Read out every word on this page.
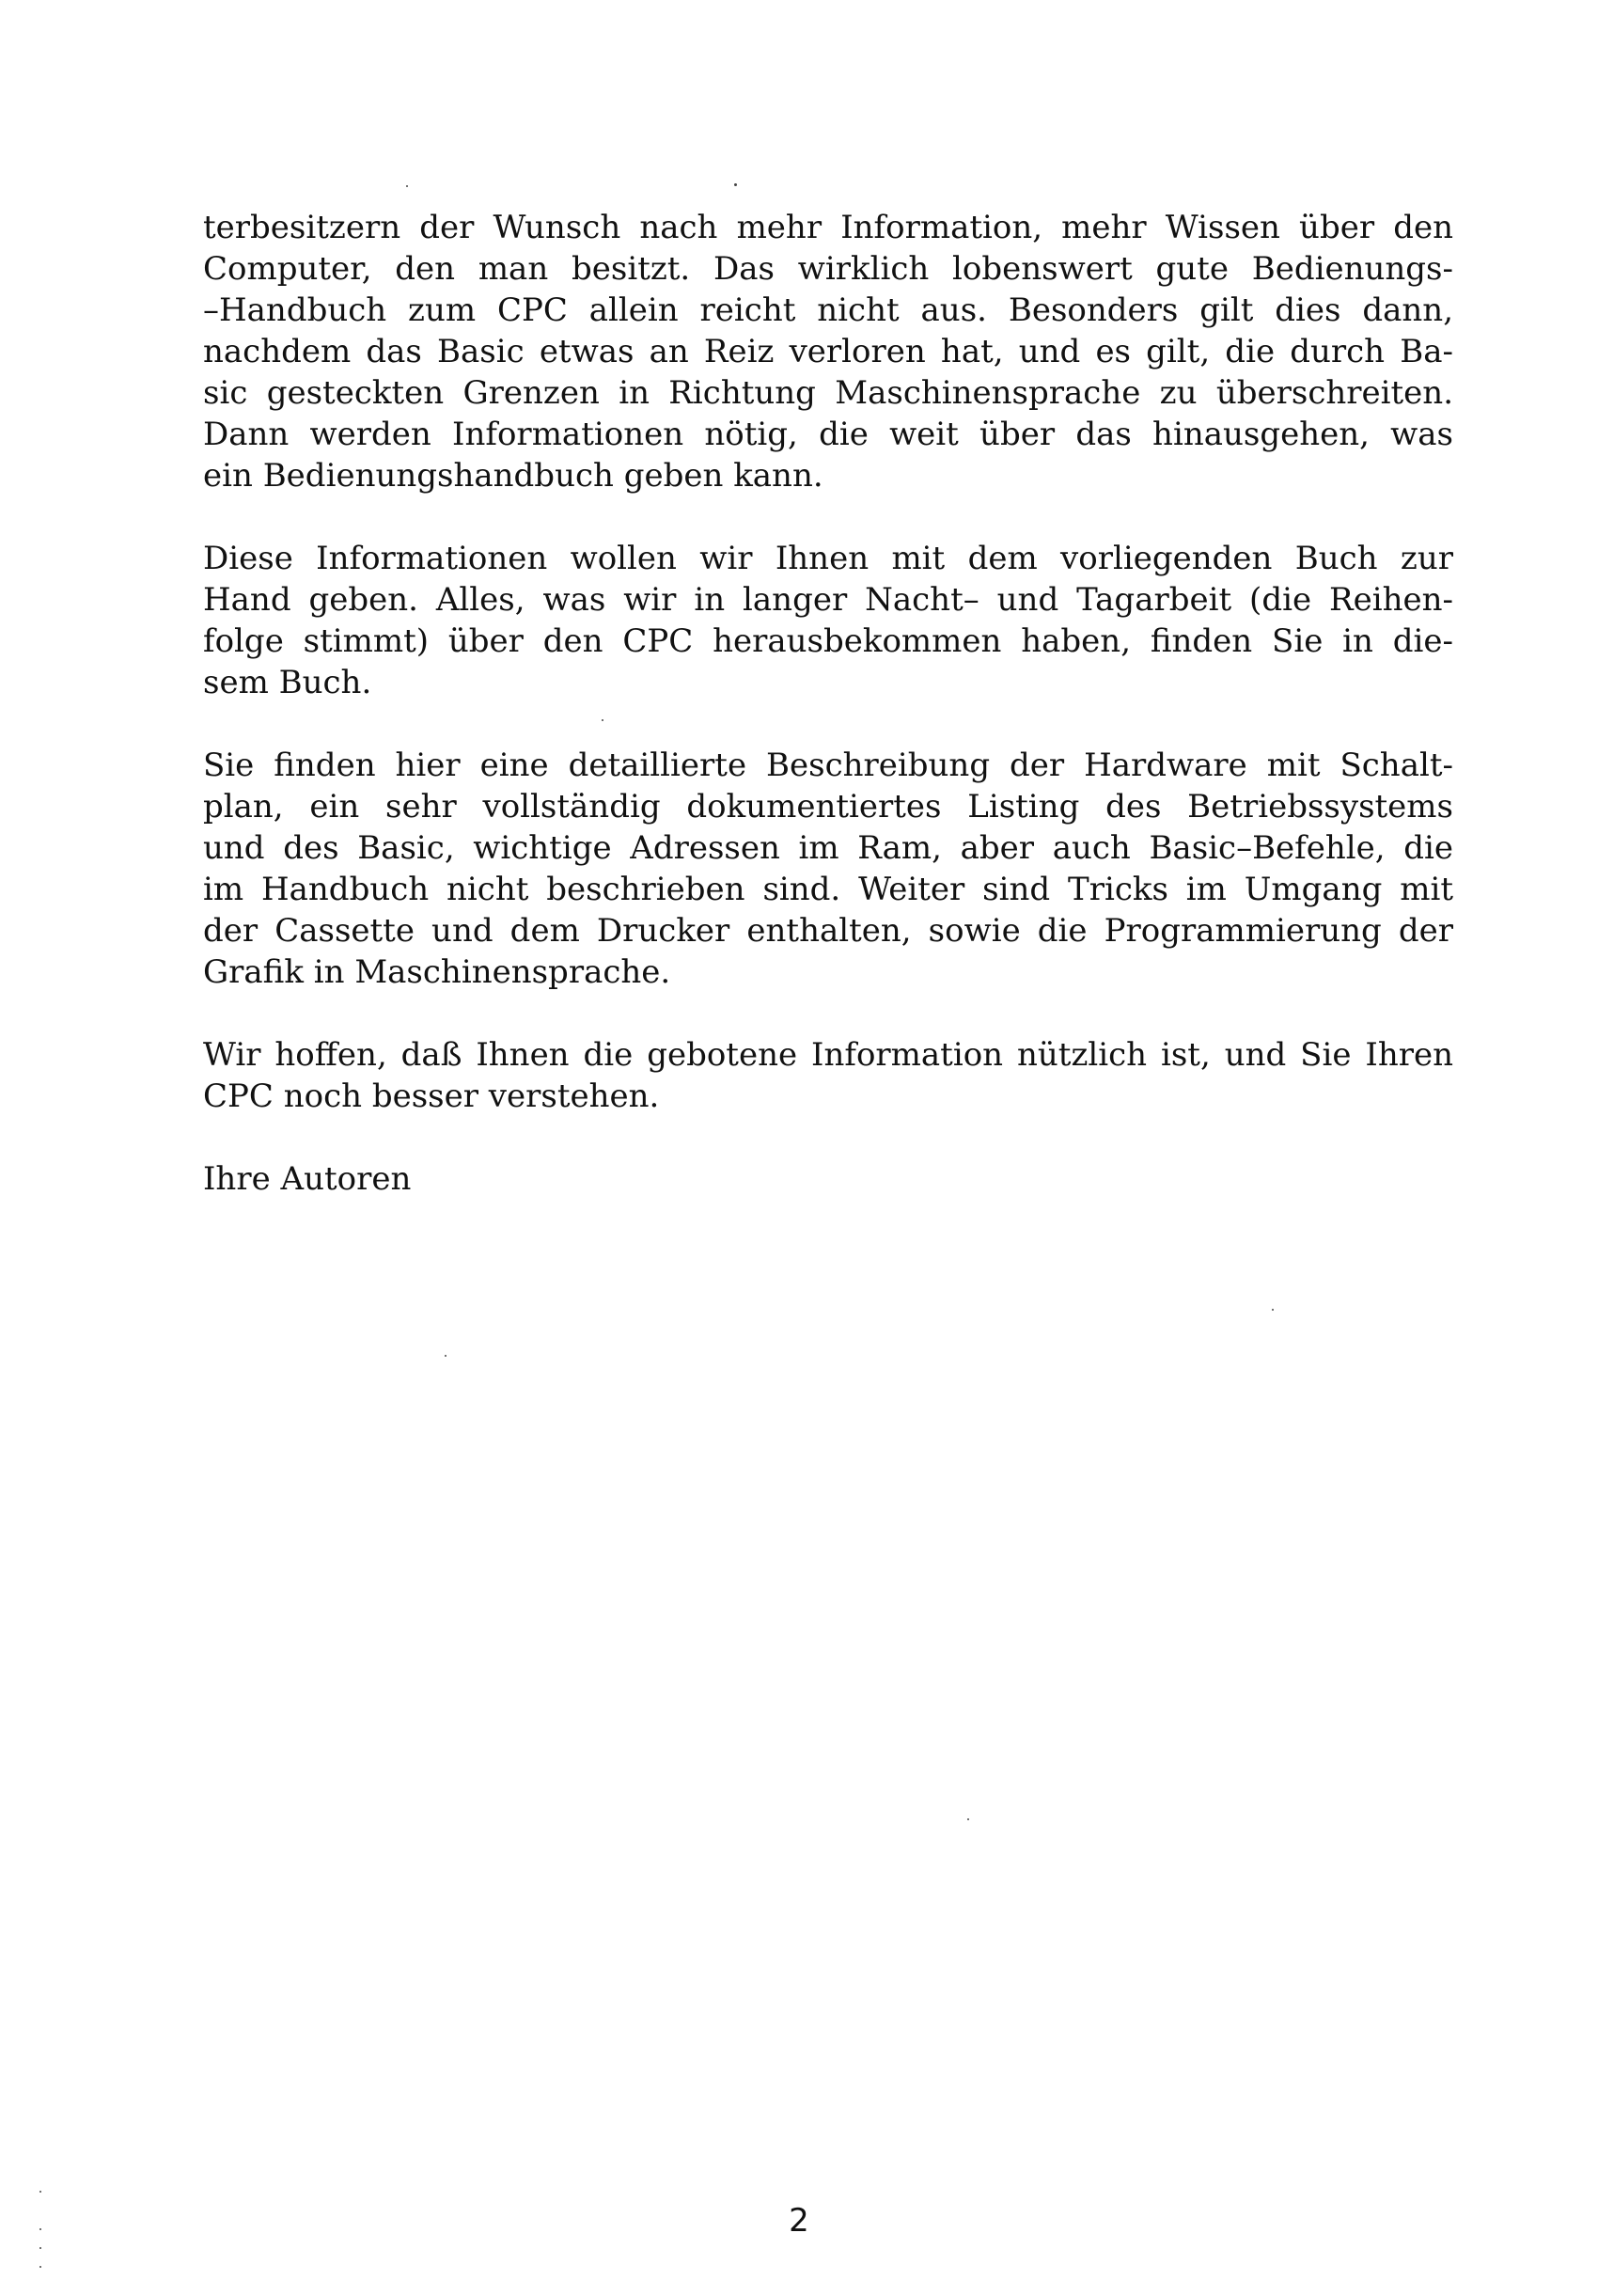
terbesitzern der Wunsch nach mehr Information, mehr Wissen über den
Computer, den man besitzt. Das wirklich lobenswert gute Bedienungs-
–Handbuch zum CPC allein reicht nicht aus. Besonders gilt dies dann,
nachdem das Basic etwas an Reiz verloren hat, und es gilt, die durch Ba-
sic gesteckten Grenzen in Richtung Maschinensprache zu überschreiten.
Dann werden Informationen nötig, die weit über das hinausgehen, was
ein Bedienungshandbuch geben kann.
Diese Informationen wollen wir Ihnen mit dem vorliegenden Buch zur
Hand geben. Alles, was wir in langer Nacht– und Tagarbeit (die Reihen-
folge stimmt) über den CPC herausbekommen haben, finden Sie in die-
sem Buch.
Sie finden hier eine detaillierte Beschreibung der Hardware mit Schalt-
plan, ein sehr vollständig dokumentiertes Listing des Betriebssystems
und des Basic, wichtige Adressen im Ram, aber auch Basic–Befehle, die
im Handbuch nicht beschrieben sind. Weiter sind Tricks im Umgang mit
der Cassette und dem Drucker enthalten, sowie die Programmierung der
Grafik in Maschinensprache.
Wir hoffen, daß Ihnen die gebotene Information nützlich ist, und Sie Ihren
CPC noch besser verstehen.
Ihre Autoren
2
